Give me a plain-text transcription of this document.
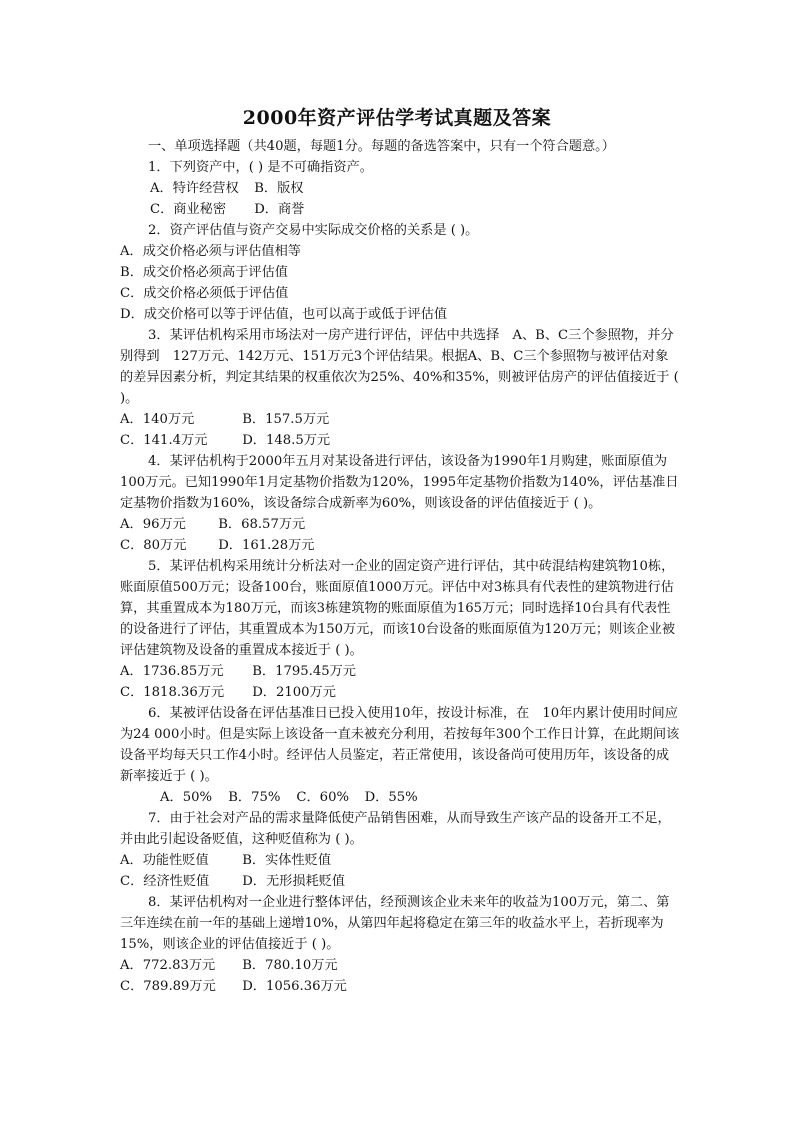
2000年资产评估学考试真题及答案

一、单项选择题（共40题，每题1分。每题的备选答案中，只有一个符合题意。）

1．下列资产中，( ) 是不可确指资产。

A．特许经营权 B．版权

C．商业秘密 D．商誉

2．资产评估值与资产交易中实际成交价格的关系是 ( )。

A．成交价格必须与评估值相等

B．成交价格必须高于评估值

C．成交价格必须低于评估值

D．成交价格可以等于评估值，也可以高于或低于评估值

3．某评估机构采用市场法对一房产进行评估，评估中共选择　A、B、C三个参照物，并分别得到　127万元、142万元、151万元3个评估结果。根据A、B、C三个参照物与被评估对象的差异因素分析，判定其结果的权重依次为25%、40%和35%，则被评估房产的评估值接近于 ( )。

A．140万元	B．157.5万元

C．141.4万元	D．148.5万元

4．某评估机构于2000年五月对某设备进行评估，该设备为1990年1月购建，账面原值为100万元。已知1990年1月定基物价指数为120%，1995年定基物价指数为140%，评估基准日定基物价指数为160%，该设备综合成新率为60%，则该设备的评估值接近于 ( )。

A．96万元 B．68.57万元

C．80万元 D．161.28万元

5．某评估机构采用统计分析法对一企业的固定资产进行评估，其中砖混结构建筑物10栋，账面原值500万元；设备100台，账面原值1000万元。评估中对3栋具有代表性的建筑物进行估算，其重置成本为180万元，而该3栋建筑物的账面原值为165万元；同时选择10台具有代表性的设备进行了评估，其重置成本为150万元，而该10台设备的账面原值为120万元；则该企业被评估建筑物及设备的重置成本接近于 ( )。

A．1736.85万元 B．1795.45万元

C．1818.36万元 D．2100万元

6．某被评估设备在评估基准日已投入使用10年，按设计标准，在　10年内累计使用时间应为24 000小时。但是实际上该设备一直未被充分利用，若按每年300个工作日计算，在此期间该设备平均每天只工作4小时。经评估人员鉴定，若正常使用，该设备尚可使用历年，该设备的成新率接近于 ( )。

A．50% B．75% C．60% D．55%

7．由于社会对产品的需求量降低使产品销售困难，从而导致生产该产品的设备开工不足，并由此引起设备贬值，这种贬值称为 ( )。

A．功能性贬值	B．实体性贬值

C．经济性贬值 D．无形损耗贬值

8．某评估机构对一企业进行整体评估，经预测该企业未来年的收益为100万元，第二、第三年连续在前一年的基础上递增10%，从第四年起将稳定在第三年的收益水平上，若折现率为15%，则该企业的评估值接近于 ( )。

A．772.83万元 B．780.10万元

C．789.89万元 D．1056.36万元
